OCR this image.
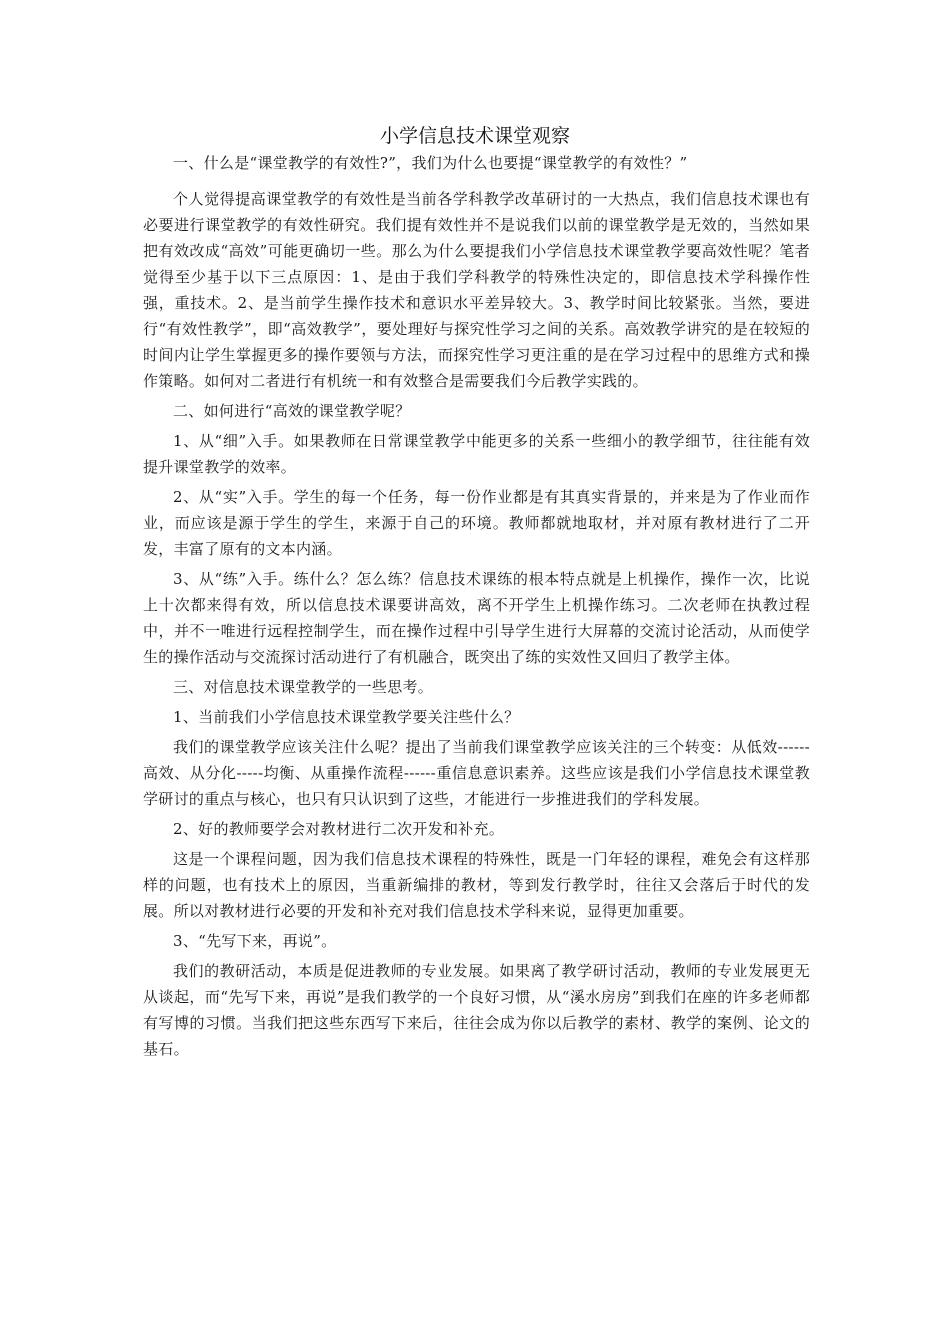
小学信息技术课堂观察

一、什么是“课堂教学的有效性?”，我们为什么也要提“课堂教学的有效性？”

个人觉得提高课堂教学的有效性是当前各学科教学改革研讨的一大热点，我们信息技术课也有必要进行课堂教学的有效性研究。我们提有效性并不是说我们以前的课堂教学是无效的，当然如果把有效改成“高效”可能更确切一些。那么为什么要提我们小学信息技术课堂教学要高效性呢？笔者觉得至少基于以下三点原因：1、是由于我们学科教学的特殊性决定的，即信息技术学科操作性强，重技术。2、是当前学生操作技术和意识水平差异较大。3、教学时间比较紧张。当然，要进行“有效性教学”，即“高效教学”，要处理好与探究性学习之间的关系。高效教学讲究的是在较短的时间内让学生掌握更多的操作要领与方法，而探究性学习更注重的是在学习过程中的思维方式和操作策略。如何对二者进行有机统一和有效整合是需要我们今后教学实践的。

二、如何进行“高效的课堂教学呢？

1、从“细”入手。如果教师在日常课堂教学中能更多的关系一些细小的教学细节，往往能有效提升课堂教学的效率。

2、从“实”入手。学生的每一个任务，每一份作业都是有其真实背景的，并来是为了作业而作业，而应该是源于学生的学生，来源于自己的环境。教师都就地取材，并对原有教材进行了二开发，丰富了原有的文本内涵。

3、从“练”入手。练什么？怎么练？信息技术课练的根本特点就是上机操作，操作一次，比说上十次都来得有效，所以信息技术课要讲高效，离不开学生上机操作练习。二次老师在执教过程中，并不一唯进行远程控制学生，而在操作过程中引导学生进行大屏幕的交流讨论活动，从而使学生的操作活动与交流探讨活动进行了有机融合，既突出了练的实效性又回归了教学主体。

三、对信息技术课堂教学的一些思考。

1、当前我们小学信息技术课堂教学要关注些什么？

我们的课堂教学应该关注什么呢？提出了当前我们课堂教学应该关注的三个转变：从低效------高效、从分化-----均衡、从重操作流程------重信息意识素养。这些应该是我们小学信息技术课堂教学研讨的重点与核心，也只有只认识到了这些，才能进行一步推进我们的学科发展。

2、好的教师要学会对教材进行二次开发和补充。

这是一个课程问题，因为我们信息技术课程的特殊性，既是一门年轻的课程，难免会有这样那样的问题，也有技术上的原因，当重新编排的教材，等到发行教学时，往往又会落后于时代的发展。所以对教材进行必要的开发和补充对我们信息技术学科来说，显得更加重要。

3、“先写下来，再说”。

我们的教研活动，本质是促进教师的专业发展。如果离了教学研讨活动，教师的专业发展更无从谈起，而“先写下来，再说”是我们教学的一个良好习惯，从“溪水房房”到我们在座的许多老师都有写博的习惯。当我们把这些东西写下来后，往往会成为你以后教学的素材、教学的案例、论文的基石。
